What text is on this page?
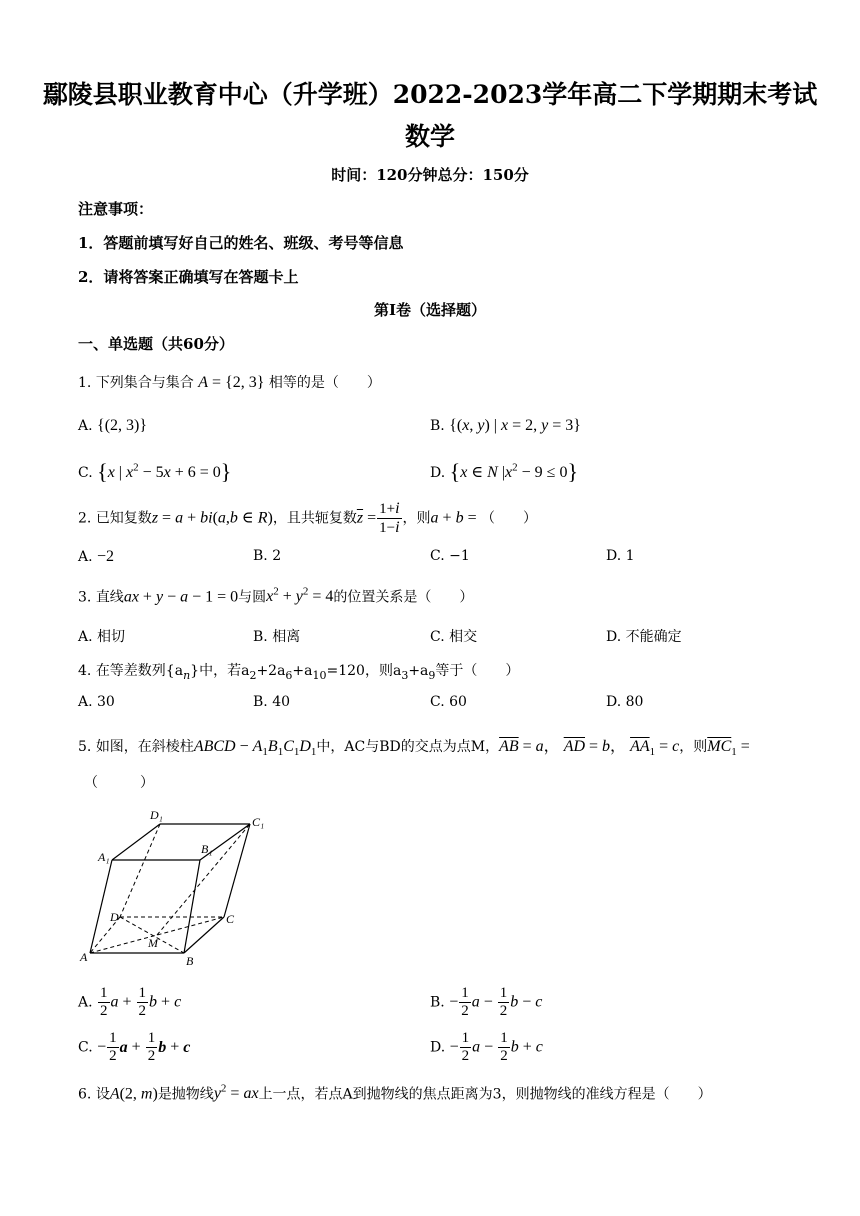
鄢陵县职业教育中心（升学班）2022-2023学年高二下学期期末考试
数学
时间：120分钟总分：150分
注意事项：
1．答题前填写好自己的姓名、班级、考号等信息
2．请将答案正确填写在答题卡上
第Ⅰ卷（选择题）
一、单选题（共60分）
1. 下列集合与集合 A = {2, 3} 相等的是（　　）
A. {(2, 3)}	B. {(x, y) | x = 2, y = 3}
C. {x | $x^2 - 5x + 6 = 0$}	D. {x ∈ N $|x^2 - 9 \le 0$}
2. 已知复数z = a + bi(a,b ∈ R)，且共轭复数$\overline{z} = \frac{1+i}{1-i}$ ，则a + b = （　　）
A. −2	B. 2	C. −1	D. 1
3. 直线ax + y − a − 1 = 0与圆$x^2 + y^2 = 4$的位置关系是（　　）
A. 相切	B. 相离	C. 相交	D. 不能确定
4. 在等差数列$\{a_n\}$中，若$a_2+2a_6+a_{10}=120$，则$a_3+a_9$等于（　　）
A. 30	B. 40	C. 60	D. 80
5. 如图，在斜棱柱ABCD − $A_1B_1C_1D_1$中，AC与BD的交点为点M，$\overline{AB} = a$， $\overline{AD} = b$， $\overline{AA}_1 = c$，则$\overline{MC}_1$ =
（　　　）
D₁	C₁
A₁
B₁
D	C
M
A	B
A. $\frac{1}{2}$ $a + \frac{1}{2}$ b + c	B. − $\frac{1}{2}$ $a - \frac{1}{2}$ b − c
C. − $\frac{1}{2}$ $a + \frac{1}{2}$ b + c	D. − $\frac{1}{2}$ $a - \frac{1}{2}$ b + c
6. 设A(2, m)是抛物线$y^2$ = ax上一点，若点A到抛物线的焦点距离为3，则抛物线的准线方程是（　　）
